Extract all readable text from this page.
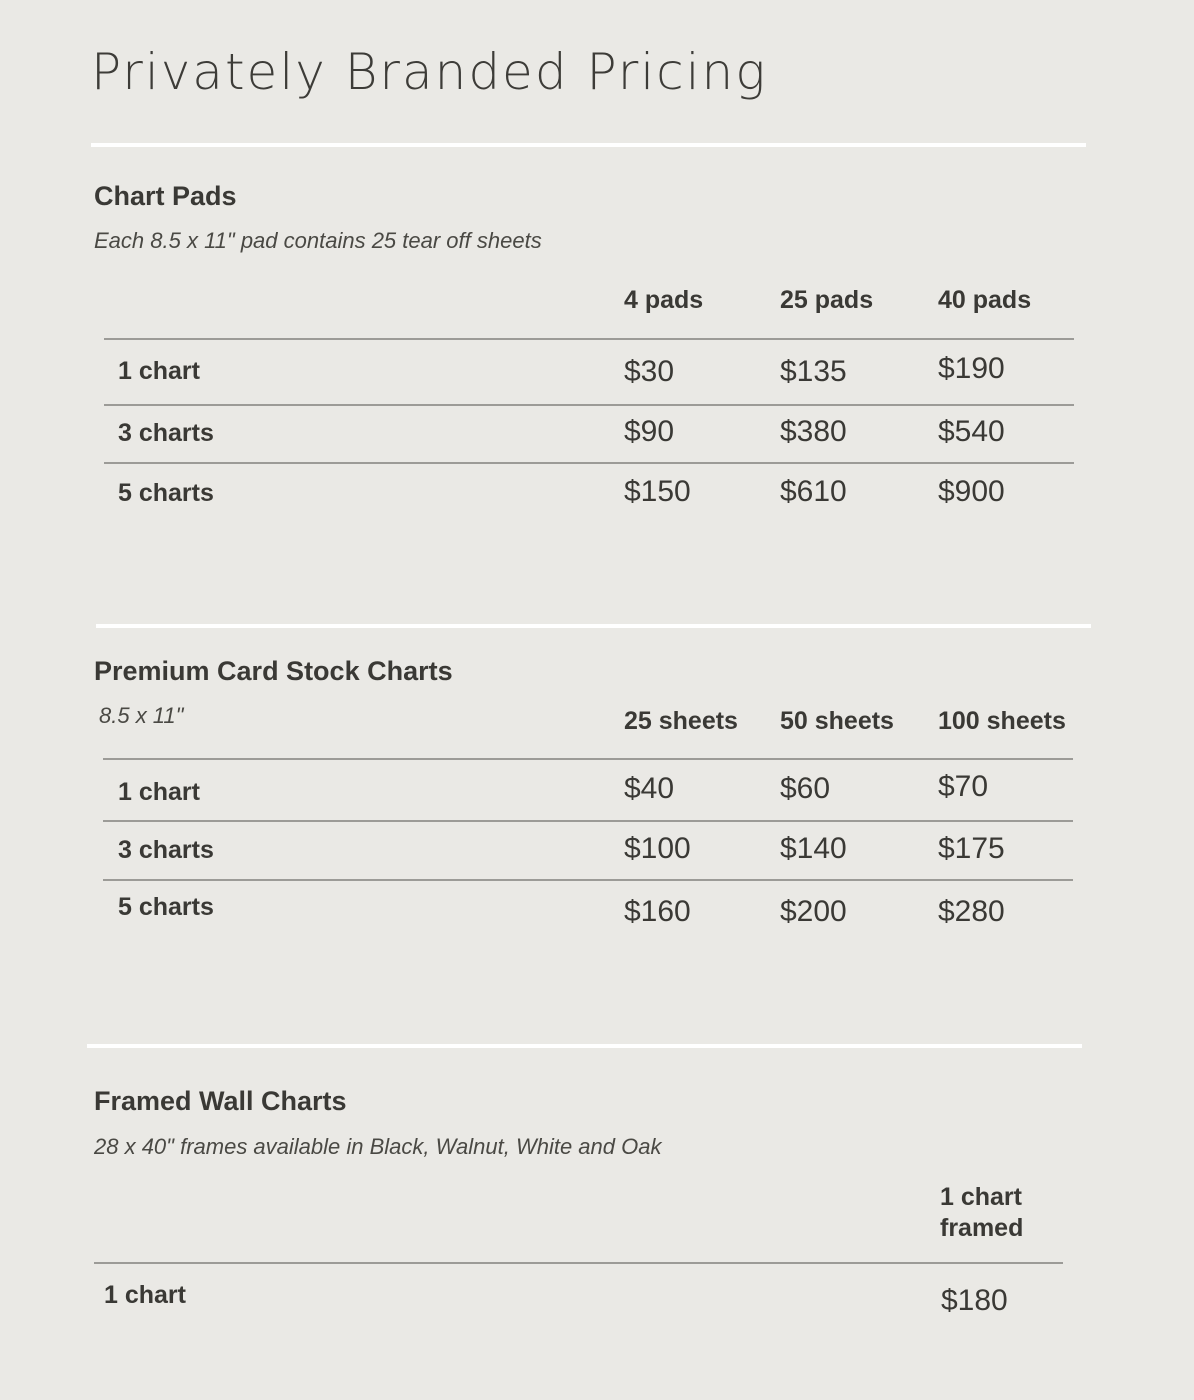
Privately Branded Pricing
Chart Pads

Each 8.5 x 11" pad contains 25 tear off sheets

4 pads	25 pads	40 pads
1 chart	$30	$135	$190
3 charts	$90	$380	$540
5 charts	$150	$610	$900
Premium Card Stock Charts

8.5 x 11"	25 sheets 50 sheets 100 sheets
1 chart	$40	$60	$70
3 charts	$100	$140	$175
5 charts	$160	$200	$280
Framed Wall Charts

28 x 40" frames available in Black, Walnut, White and Oak

1 chart framed
1 chart	$180
